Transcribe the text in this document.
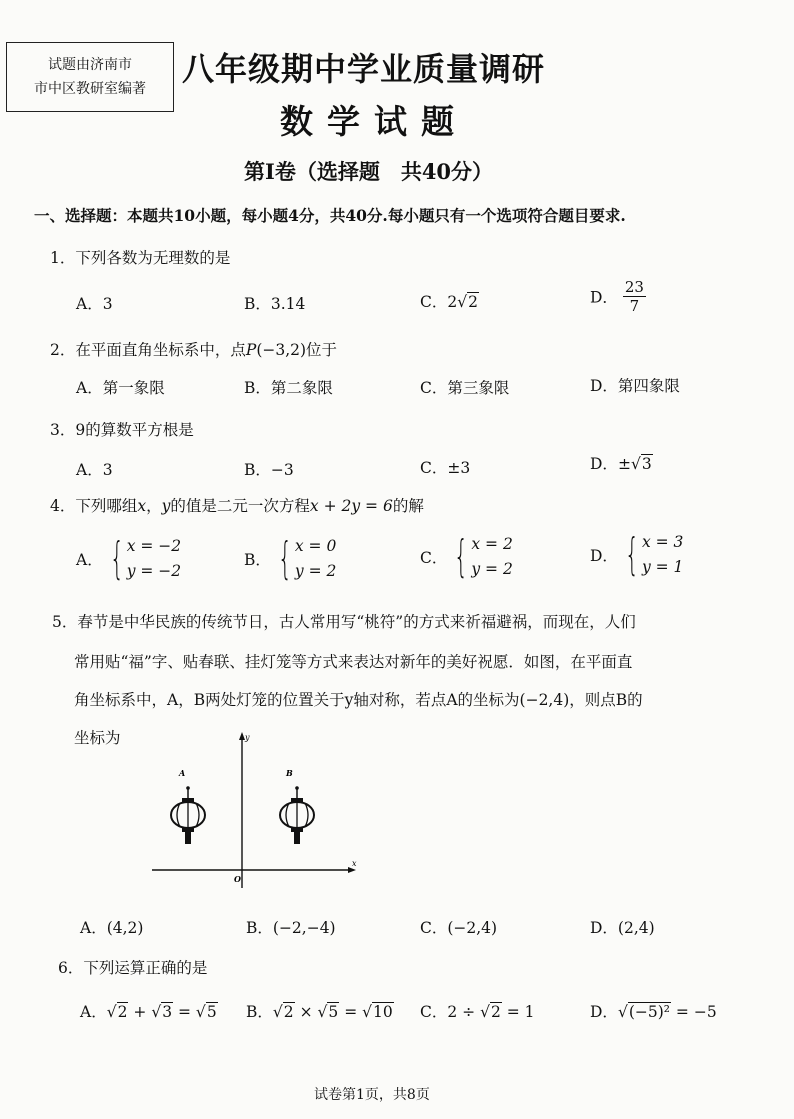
试题由济南市
市中区教研室编著
八年级期中学业质量调研
数学试题
第Ⅰ卷（选择题　共40分）
一、选择题：本题共10小题，每小题4分，共40分.每小题只有一个选项符合题目要求.
1．下列各数为无理数的是
A．3	B．3.14	C．2√2	D． $\frac{23}{7}$
2．在平面直角坐标系中，点P(−3,2)位于
A．第一象限	B．第二象限	C．第三象限	D．第四象限
3．9的算数平方根是
A．3	B．−3	C．±3	D．±√3
4．下列哪组x，y的值是二元一次方程x + 2y = 6的解
A． { x = −2
y = −2
B． { x = 0
y = 2
C． { x = 2
y = 2
D． { x = 3
y = 1
5．春节是中华民族的传统节日，古人常用写“桃符”的方式来祈福避祸，而现在，人们
常用贴“福”字、贴春联、挂灯笼等方式来表达对新年的美好祝愿．如图，在平面直
角坐标系中，A，B两处灯笼的位置关于y轴对称，若点A的坐标为(−2,4)，则点B的
坐标为
x
y
O
A	B
A．(4,2)	B．(−2,−4)	C．(−2,4)	D．(2,4)
6．下列运算正确的是
A．√2 + √3 = √5 B．√2 × √5 = √10 C．2 ÷ √2 = 1	D．√(−5)² = −5
试卷第1页，共8页
